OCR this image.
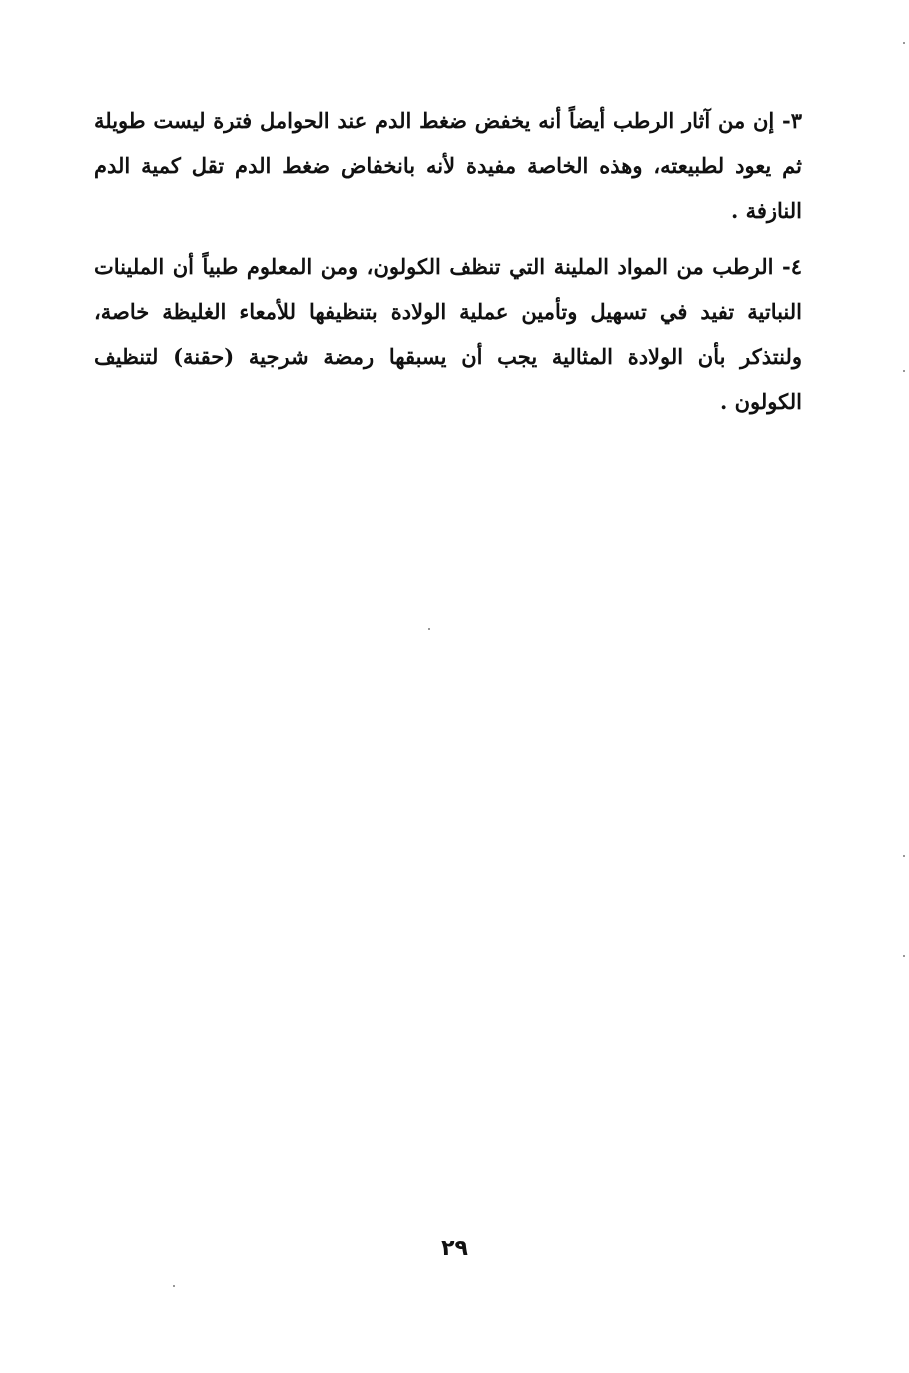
٣- إن من آثار الرطب أيضاً أنه يخفض ضغط الدم عند الحوامل فترة ليست طويلة ثم يعود لطبيعته، وهذه الخاصة مفيدة لأنه بانخفاض ضغط الدم تقل كمية الدم النازفة .

٤- الرطب من المواد الملينة التي تنظف الكولون، ومن المعلوم طبياً أن الملينات النباتية تفيد في تسهيل وتأمين عملية الولادة بتنظيفها للأمعاء الغليظة خاصة، ولنتذكر بأن الولادة المثالية يجب أن يسبقها رمضة شرجية (حقنة) لتنظيف الكولون .

٢٩
